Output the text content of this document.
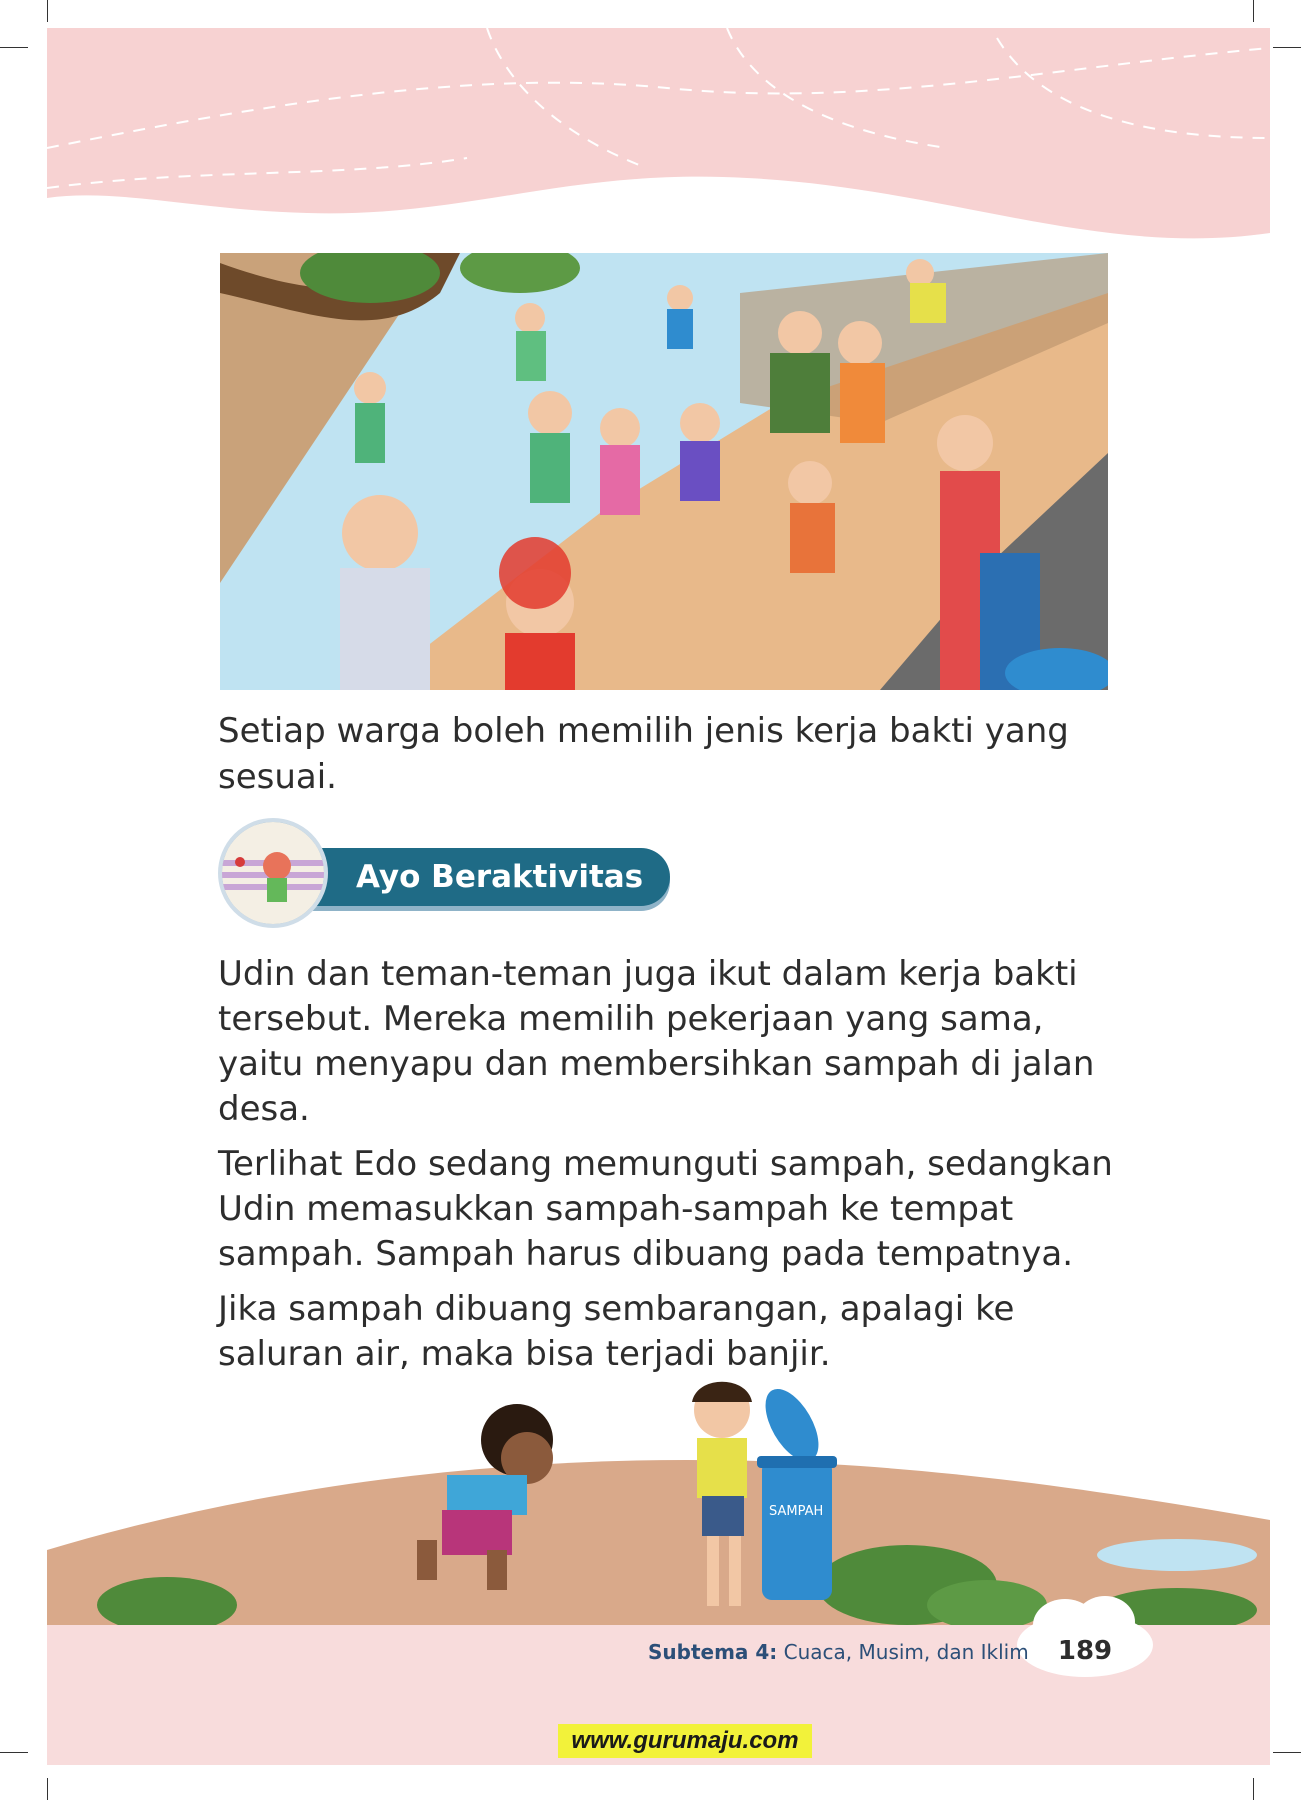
Setiap warga boleh memilih jenis kerja bakti yang sesuai.

Ayo Beraktivitas

Udin dan teman-teman juga ikut dalam kerja bakti tersebut. Mereka memilih pekerjaan yang sama, yaitu menyapu dan membersihkan sampah di jalan desa.

Terlihat Edo sedang memunguti sampah, sedangkan Udin memasukkan sampah-sampah ke tempat sampah. Sampah harus dibuang pada tempatnya.

Jika sampah dibuang sembarangan, apalagi ke saluran air, maka bisa terjadi banjir.

SAMPAH
Subtema 4: Cuaca, Musim, dan Iklim	189
www.gurumaju.com
